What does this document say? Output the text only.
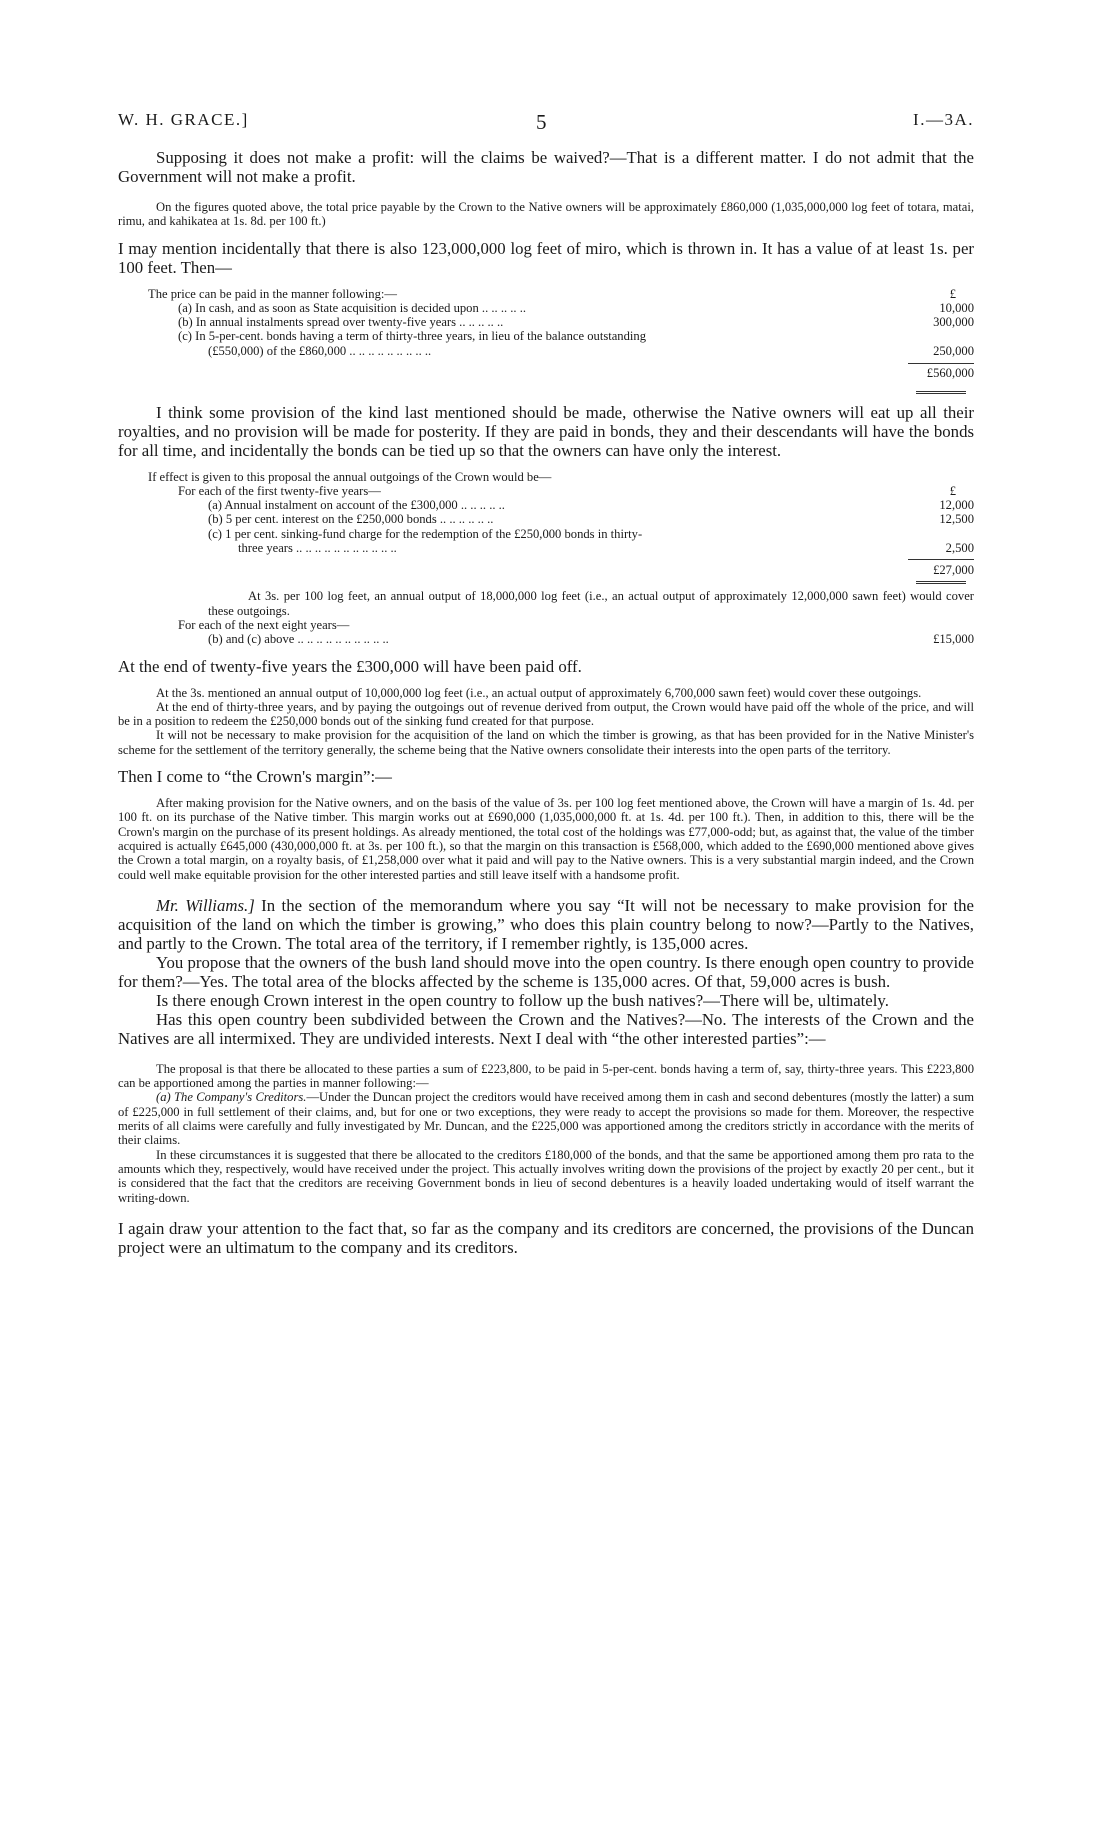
W. H. GRACE.]	5	I.—3A.

Supposing it does not make a profit: will the claims be waived?—That is a different matter. I do not admit that the Government will not make a profit.

On the figures quoted above, the total price payable by the Crown to the Native owners will be approximately £860,000 (1,035,000,000 log feet of totara, matai, rimu, and kahikatea at 1s. 8d. per 100 ft.)

I may mention incidentally that there is also 123,000,000 log feet of miro, which is thrown in. It has a value of at least 1s. per 100 feet. Then—

The price can be paid in the manner following:—	£
(a) In cash, and as soon as State acquisition is decided upon .. .. .. .. ..	10,000
(b) In annual instalments spread over twenty-five years .. .. .. .. ..	300,000
(c) In 5-per-cent. bonds having a term of thirty-three years, in lieu of the balance outstanding
(£550,000) of the £860,000 .. .. .. .. .. .. .. .. ..	250,000
£560,000

I think some provision of the kind last mentioned should be made, otherwise the Native owners will eat up all their royalties, and no provision will be made for posterity. If they are paid in bonds, they and their descendants will have the bonds for all time, and incidentally the bonds can be tied up so that the owners can have only the interest.

If effect is given to this proposal the annual outgoings of the Crown would be—
For each of the first twenty-five years—	£
(a) Annual instalment on account of the £300,000 .. .. .. .. ..	12,000
(b) 5 per cent. interest on the £250,000 bonds .. .. .. .. .. ..	12,500
(c) 1 per cent. sinking-fund charge for the redemption of the £250,000 bonds in thirty-
three years .. .. .. .. .. .. .. .. .. .. ..	2,500
£27,000

At 3s. per 100 log feet, an annual output of 18,000,000 log feet (i.e., an actual output of approximately 12,000,000 sawn feet) would cover these outgoings.

For each of the next eight years—
(b) and (c) above .. .. .. .. .. .. .. .. .. ..	£15,000

At the end of twenty-five years the £300,000 will have been paid off.

At the 3s. mentioned an annual output of 10,000,000 log feet (i.e., an actual output of approximately 6,700,000 sawn feet) would cover these outgoings.

At the end of thirty-three years, and by paying the outgoings out of revenue derived from output, the Crown would have paid off the whole of the price, and will be in a position to redeem the £250,000 bonds out of the sinking fund created for that purpose.

It will not be necessary to make provision for the acquisition of the land on which the timber is growing, as that has been provided for in the Native Minister's scheme for the settlement of the territory generally, the scheme being that the Native owners consolidate their interests into the open parts of the territory.

Then I come to “the Crown's margin”:—

After making provision for the Native owners, and on the basis of the value of 3s. per 100 log feet mentioned above, the Crown will have a margin of 1s. 4d. per 100 ft. on its purchase of the Native timber. This margin works out at £690,000 (1,035,000,000 ft. at 1s. 4d. per 100 ft.). Then, in addition to this, there will be the Crown's margin on the purchase of its present holdings. As already mentioned, the total cost of the holdings was £77,000-odd; but, as against that, the value of the timber acquired is actually £645,000 (430,000,000 ft. at 3s. per 100 ft.), so that the margin on this transaction is £568,000, which added to the £690,000 mentioned above gives the Crown a total margin, on a royalty basis, of £1,258,000 over what it paid and will pay to the Native owners. This is a very substantial margin indeed, and the Crown could well make equitable provision for the other interested parties and still leave itself with a handsome profit.

Mr. Williams.] In the section of the memorandum where you say “It will not be necessary to make provision for the acquisition of the land on which the timber is growing,” who does this plain country belong to now?—Partly to the Natives, and partly to the Crown. The total area of the territory, if I remember rightly, is 135,000 acres.

You propose that the owners of the bush land should move into the open country. Is there enough open country to provide for them?—Yes. The total area of the blocks affected by the scheme is 135,000 acres. Of that, 59,000 acres is bush.

Is there enough Crown interest in the open country to follow up the bush natives?—There will be, ultimately.

Has this open country been subdivided between the Crown and the Natives?—No. The interests of the Crown and the Natives are all intermixed. They are undivided interests. Next I deal with “the other interested parties”:—

The proposal is that there be allocated to these parties a sum of £223,800, to be paid in 5-per-cent. bonds having a term of, say, thirty-three years. This £223,800 can be apportioned among the parties in manner following:—

(a) The Company's Creditors.—Under the Duncan project the creditors would have received among them in cash and second debentures (mostly the latter) a sum of £225,000 in full settlement of their claims, and, but for one or two exceptions, they were ready to accept the provisions so made for them. Moreover, the respective merits of all claims were carefully and fully investigated by Mr. Duncan, and the £225,000 was apportioned among the creditors strictly in accordance with the merits of their claims.

In these circumstances it is suggested that there be allocated to the creditors £180,000 of the bonds, and that the same be apportioned among them pro rata to the amounts which they, respectively, would have received under the project. This actually involves writing down the provisions of the project by exactly 20 per cent., but it is considered that the fact that the creditors are receiving Government bonds in lieu of second debentures is a heavily loaded undertaking would of itself warrant the writing-down.

I again draw your attention to the fact that, so far as the company and its creditors are concerned, the provisions of the Duncan project were an ultimatum to the company and its creditors.
